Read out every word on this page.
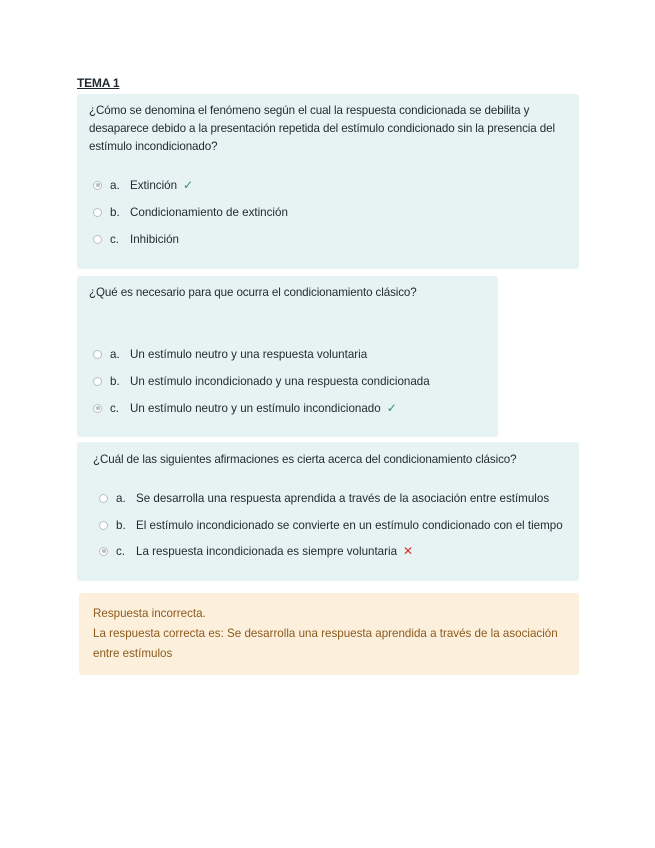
TEMA 1
¿Cómo se denomina el fenómeno según el cual la respuesta condicionada se debilita y desaparece debido a la presentación repetida del estímulo condicionado sin la presencia del estímulo incondicionado?
a. Extinción ✓
b. Condicionamiento de extinción
c. Inhibición
¿Qué es necesario para que ocurra el condicionamiento clásico?
a. Un estímulo neutro y una respuesta voluntaria
b. Un estímulo incondicionado y una respuesta condicionada
c. Un estímulo neutro y un estímulo incondicionado ✓
¿Cuál de las siguientes afirmaciones es cierta acerca del condicionamiento clásico?
a. Se desarrolla una respuesta aprendida a través de la asociación entre estímulos
b. El estímulo incondicionado se convierte en un estímulo condicionado con el tiempo
c. La respuesta incondicionada es siempre voluntaria ✕
Respuesta incorrecta.
La respuesta correcta es: Se desarrolla una respuesta aprendida a través de la asociación entre estímulos
